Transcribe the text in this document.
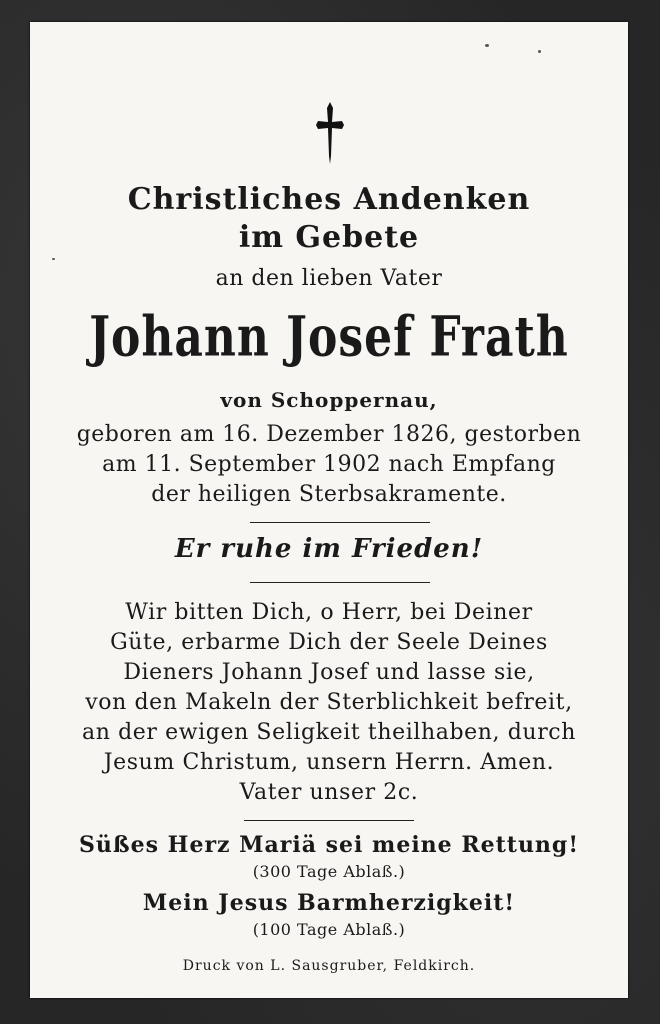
Christliches Andenken
im Gebete
an den lieben Vater
Johann Josef Frath
von Schoppernau,
geboren am 16. Dezember 1826, gestorben
am 11. September 1902 nach Empfang
der heiligen Sterbsakramente.
Er ruhe im Frieden!
Wir bitten Dich, o Herr, bei Deiner
Güte, erbarme Dich der Seele Deines
Dieners Johann Josef und lasse sie,
von den Makeln der Sterblichkeit befreit,
an der ewigen Seligkeit theilhaben, durch
Jesum Christum, unsern Herrn. Amen.
Vater unser 2c.
Süßes Herz Mariä sei meine Rettung!
(300 Tage Ablaß.)
Mein Jesus Barmherzigkeit!
(100 Tage Ablaß.)
Druck von L. Sausgruber, Feldkirch.
